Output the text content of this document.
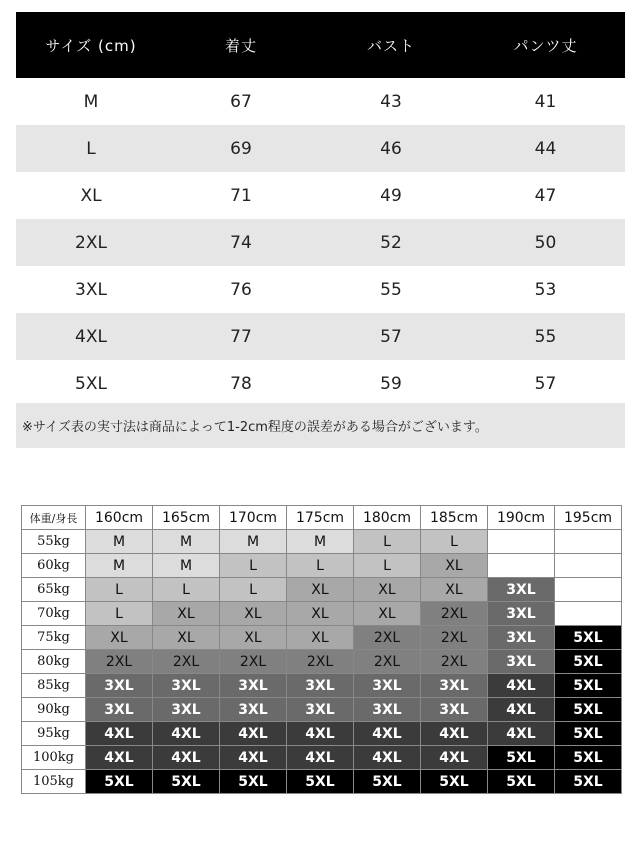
サイズ (cm)	着丈	バスト	パンツ丈
M	67	43	41
L	69	46	44
XL	71	49	47
2XL	74	52	50
3XL	76	55	53
4XL	77	57	55
5XL	78	59	57
※サイズ表の実寸法は商品によって1-2cm程度の誤差がある場合がございます。
体重/身長	160cm	165cm	170cm	175cm	180cm	185cm	190cm	195cm
55kg	M	M	M	M	L	L		
60kg	M	M	L	L	L	XL		
65kg	L	L	L	XL	XL	XL	3XL	
70kg	L	XL	XL	XL	XL	2XL	3XL	
75kg	XL	XL	XL	XL	2XL	2XL	3XL	5XL
80kg	2XL	2XL	2XL	2XL	2XL	2XL	3XL	5XL
85kg	3XL	3XL	3XL	3XL	3XL	3XL	4XL	5XL
90kg	3XL	3XL	3XL	3XL	3XL	3XL	4XL	5XL
95kg	4XL	4XL	4XL	4XL	4XL	4XL	4XL	5XL
100kg	4XL	4XL	4XL	4XL	4XL	4XL	5XL	5XL
105kg	5XL	5XL	5XL	5XL	5XL	5XL	5XL	5XL
